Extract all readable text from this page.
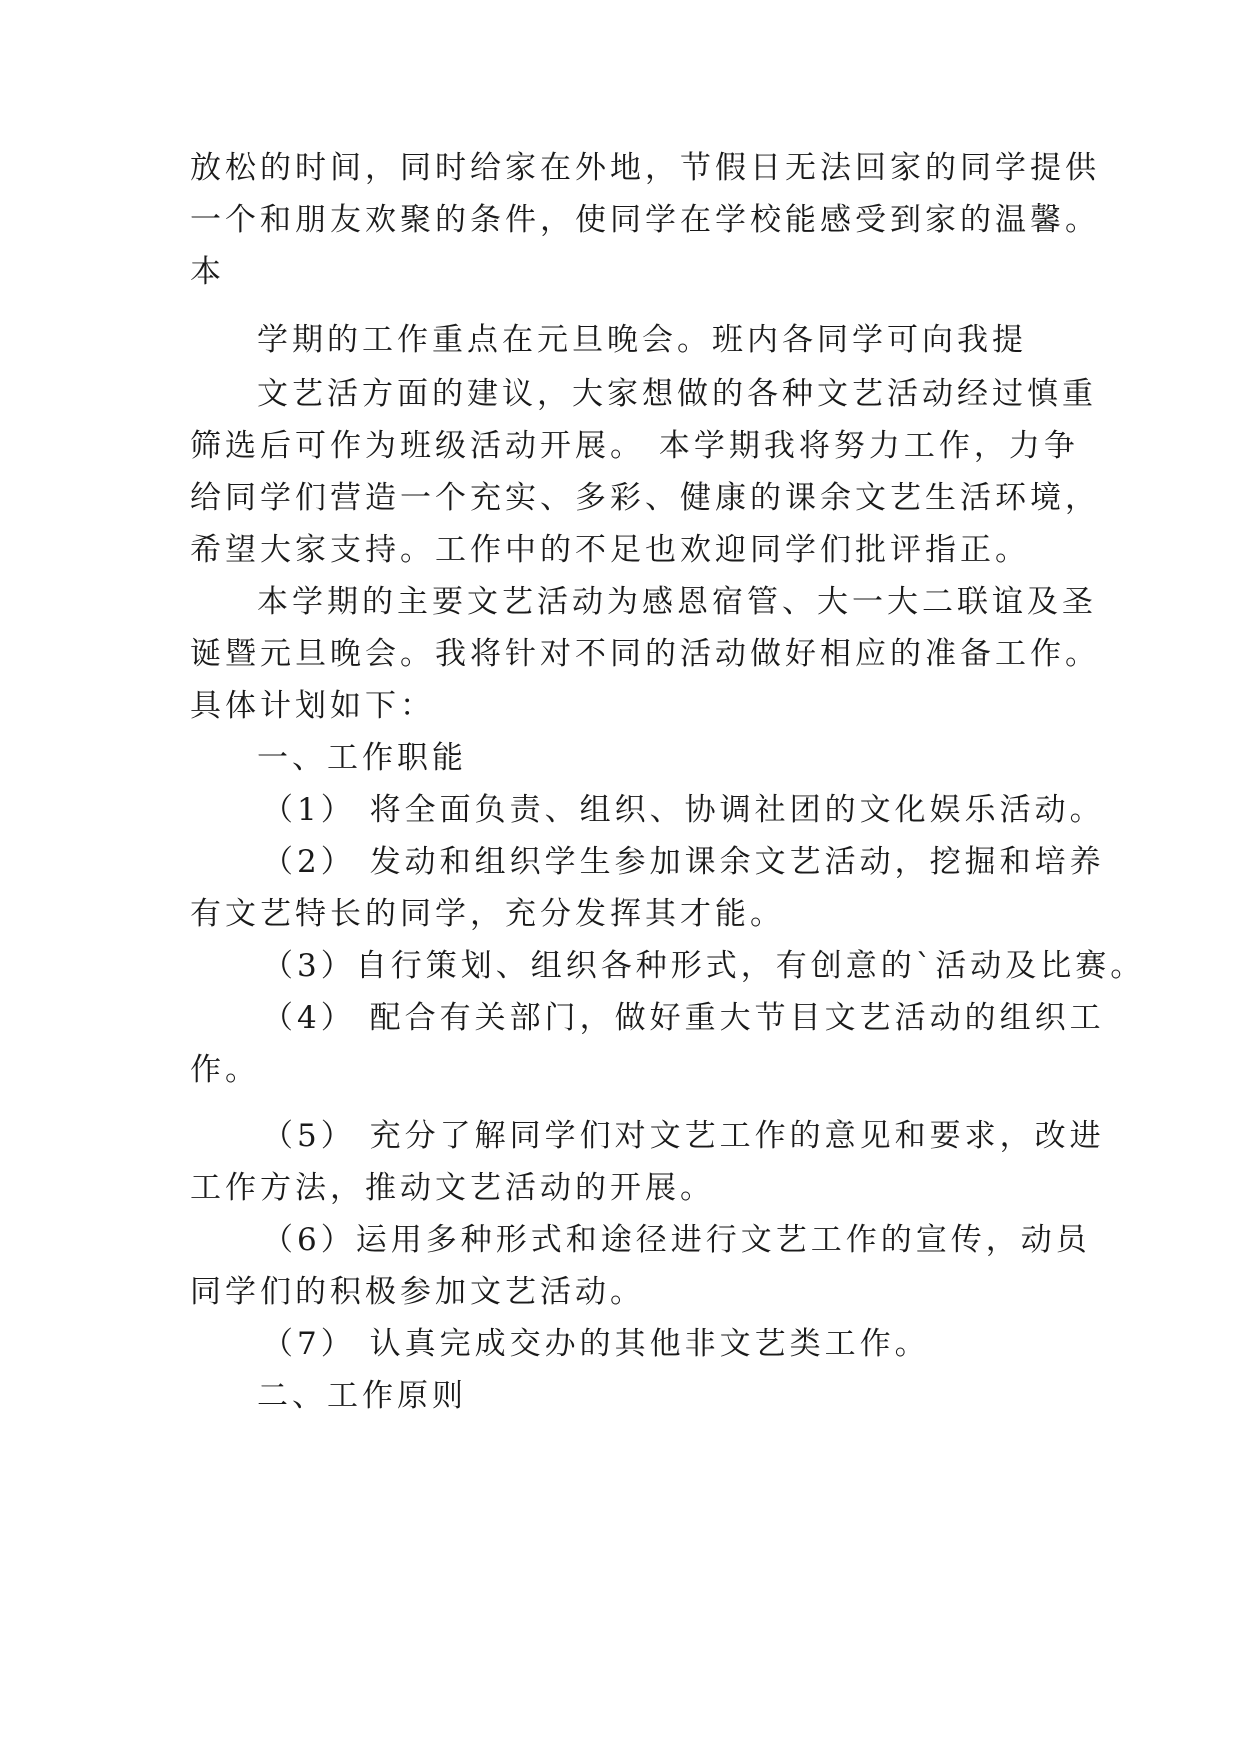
放松的时间，同时给家在外地，节假日无法回家的同学提供
一个和朋友欢聚的条件，使同学在学校能感受到家的温馨。
本
学期的工作重点在元旦晚会。班内各同学可向我提
文艺活方面的建议，大家想做的各种文艺活动经过慎重
筛选后可作为班级活动开展。 本学期我将努力工作，力争
给同学们营造一个充实、多彩、健康的课余文艺生活环境，
希望大家支持。工作中的不足也欢迎同学们批评指正。
本学期的主要文艺活动为感恩宿管、大一大二联谊及圣
诞暨元旦晚会。我将针对不同的活动做好相应的准备工作。
具体计划如下：
一、工作职能
（1） 将全面负责、组织、协调社团的文化娱乐活动。
（2） 发动和组织学生参加课余文艺活动，挖掘和培养
有文艺特长的同学，充分发挥其才能。
（3）自行策划、组织各种形式，有创意的`活动及比赛。
（4） 配合有关部门，做好重大节目文艺活动的组织工
作。
（5） 充分了解同学们对文艺工作的意见和要求，改进
工作方法，推动文艺活动的开展。
（6）运用多种形式和途径进行文艺工作的宣传，动员
同学们的积极参加文艺活动。
（7） 认真完成交办的其他非文艺类工作。
二、工作原则
